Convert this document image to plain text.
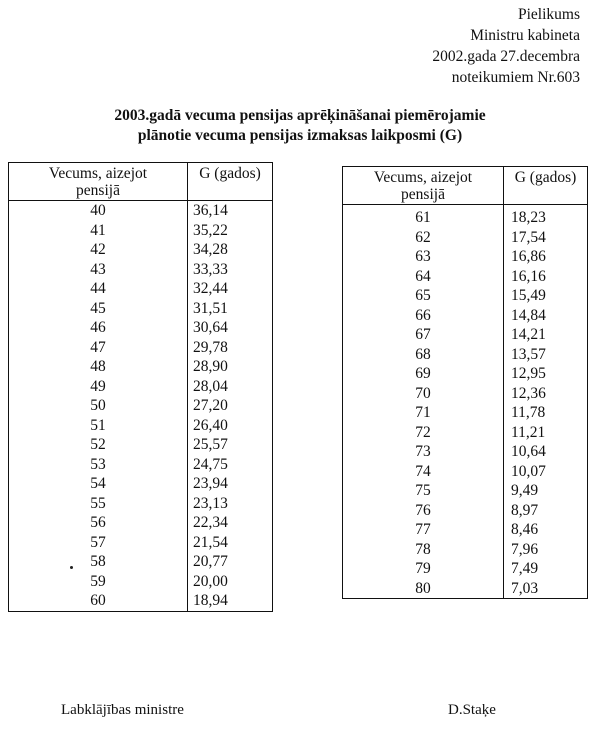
Pielikums
Ministru kabineta
2002.gada 27.decembra
noteikumiem Nr.603
2003.gadā vecuma pensijas aprēķināšanai piemērojamie
plānotie vecuma pensijas izmaksas laikposmi (G)
Vecums, aizejot
pensijā	G (gados)
40	36,14
41	35,22
42	34,28
43	33,33
44	32,44
45	31,51
46	30,64
47	29,78
48	28,90
49	28,04
50	27,20
51	26,40
52	25,57
53	24,75
54	23,94
55	23,13
56	22,34
57	21,54
58	20,77
59	20,00
60	18,94
Vecums, aizejot
pensijā	G (gados)
61	18,23
62	17,54
63	16,86
64	16,16
65	15,49
66	14,84
67	14,21
68	13,57
69	12,95
70	12,36
71	11,78
72	11,21
73	10,64
74	10,07
75	9,49
76	8,97
77	8,46
78	7,96
79	7,49
80	7,03
Labklājības ministre	D.Staķe
